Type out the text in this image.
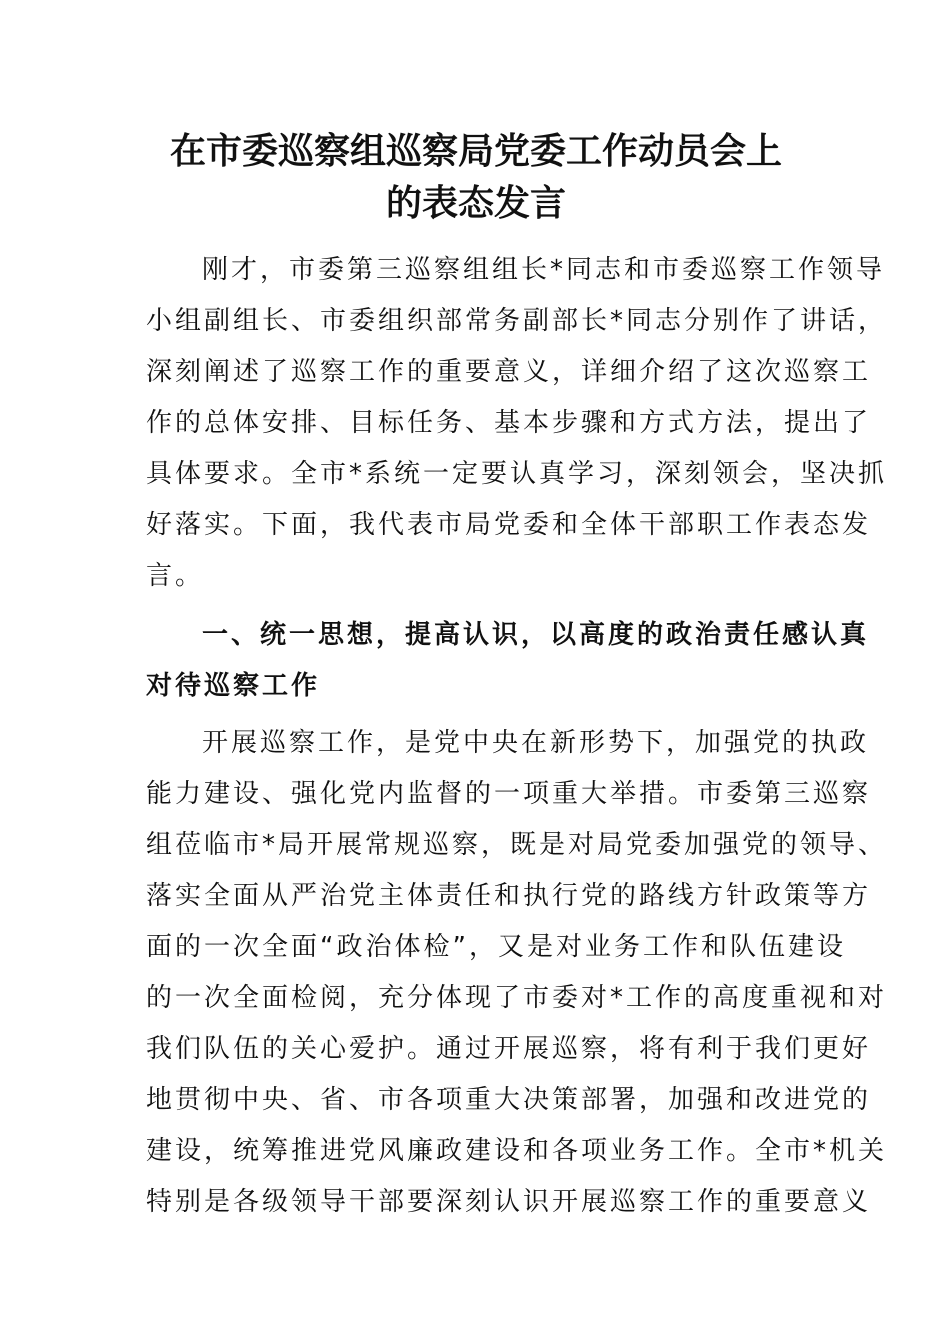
在市委巡察组巡察局党委工作动员会上
的表态发言
刚才，市委第三巡察组组长*同志和市委巡察工作领导
小组副组长、市委组织部常务副部长*同志分别作了讲话，
深刻阐述了巡察工作的重要意义，详细介绍了这次巡察工
作的总体安排、目标任务、基本步骤和方式方法，提出了
具体要求。全市*系统一定要认真学习，深刻领会，坚决抓
好落实。下面，我代表市局党委和全体干部职工作表态发
言。
一、统一思想，提高认识，以高度的政治责任感认真
对待巡察工作
开展巡察工作，是党中央在新形势下，加强党的执政
能力建设、强化党内监督的一项重大举措。市委第三巡察
组莅临市*局开展常规巡察，既是对局党委加强党的领导、
落实全面从严治党主体责任和执行党的路线方针政策等方
面的一次全面“政治体检”，又是对业务工作和队伍建设
的一次全面检阅，充分体现了市委对*工作的高度重视和对
我们队伍的关心爱护。通过开展巡察，将有利于我们更好
地贯彻中央、省、市各项重大决策部署，加强和改进党的
建设，统筹推进党风廉政建设和各项业务工作。全市*机关
特别是各级领导干部要深刻认识开展巡察工作的重要意义
